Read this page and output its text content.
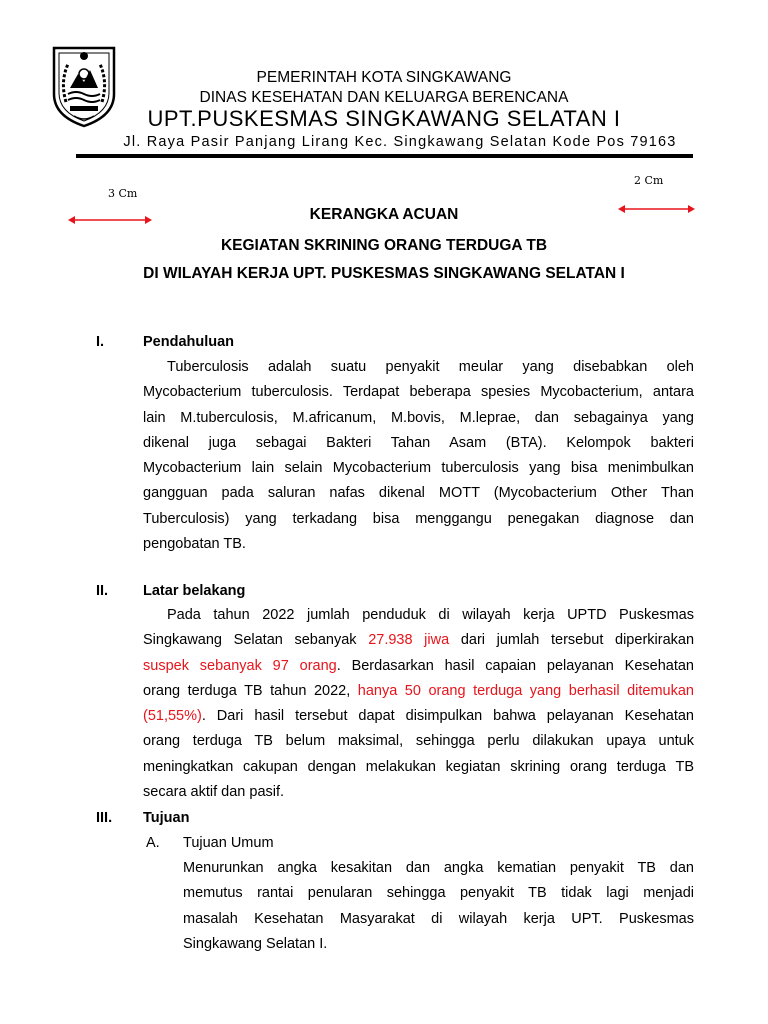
PEMERINTAH KOTA SINGKAWANG
DINAS KESEHATAN DAN KELUARGA BERENCANA
UPT.PUSKESMAS SINGKAWANG SELATAN I
Jl. Raya Pasir Panjang Lirang Kec. Singkawang Selatan Kode Pos 79163
3 Cm
2 Cm
KERANGKA ACUAN
KEGIATAN SKRINING ORANG TERDUGA TB
DI WILAYAH KERJA UPT. PUSKESMAS SINGKAWANG SELATAN I
I.	Pendahuluan
Tuberculosis adalah suatu penyakit meular yang disebabkan oleh
Mycobacterium tuberculosis. Terdapat beberapa spesies Mycobacterium, antara
lain M.tuberculosis, M.africanum, M.bovis, M.leprae, dan sebagainya yang
dikenal juga sebagai Bakteri Tahan Asam (BTA). Kelompok bakteri
Mycobacterium lain selain Mycobacterium tuberculosis yang bisa menimbulkan
gangguan pada saluran nafas dikenal MOTT (Mycobacterium Other Than
Tuberculosis) yang terkadang bisa menggangu penegakan diagnose dan
pengobatan TB.
II. Latar belakang
Pada tahun 2022 jumlah penduduk di wilayah kerja UPTD Puskesmas
Singkawang Selatan sebanyak 27.938 jiwa dari jumlah tersebut diperkirakan
suspek sebanyak 97 orang. Berdasarkan hasil capaian pelayanan Kesehatan
orang terduga TB tahun 2022, hanya 50 orang terduga yang berhasil ditemukan
(51,55%). Dari hasil tersebut dapat disimpulkan bahwa pelayanan Kesehatan
orang terduga TB belum maksimal, sehingga perlu dilakukan upaya untuk
meningkatkan cakupan dengan melakukan kegiatan skrining orang terduga TB
secara aktif dan pasif.
III. Tujuan
A. Tujuan Umum
Menurunkan angka kesakitan dan angka kematian penyakit TB dan
memutus rantai penularan sehingga penyakit TB tidak lagi menjadi
masalah Kesehatan Masyarakat di wilayah kerja UPT. Puskesmas
Singkawang Selatan I.
